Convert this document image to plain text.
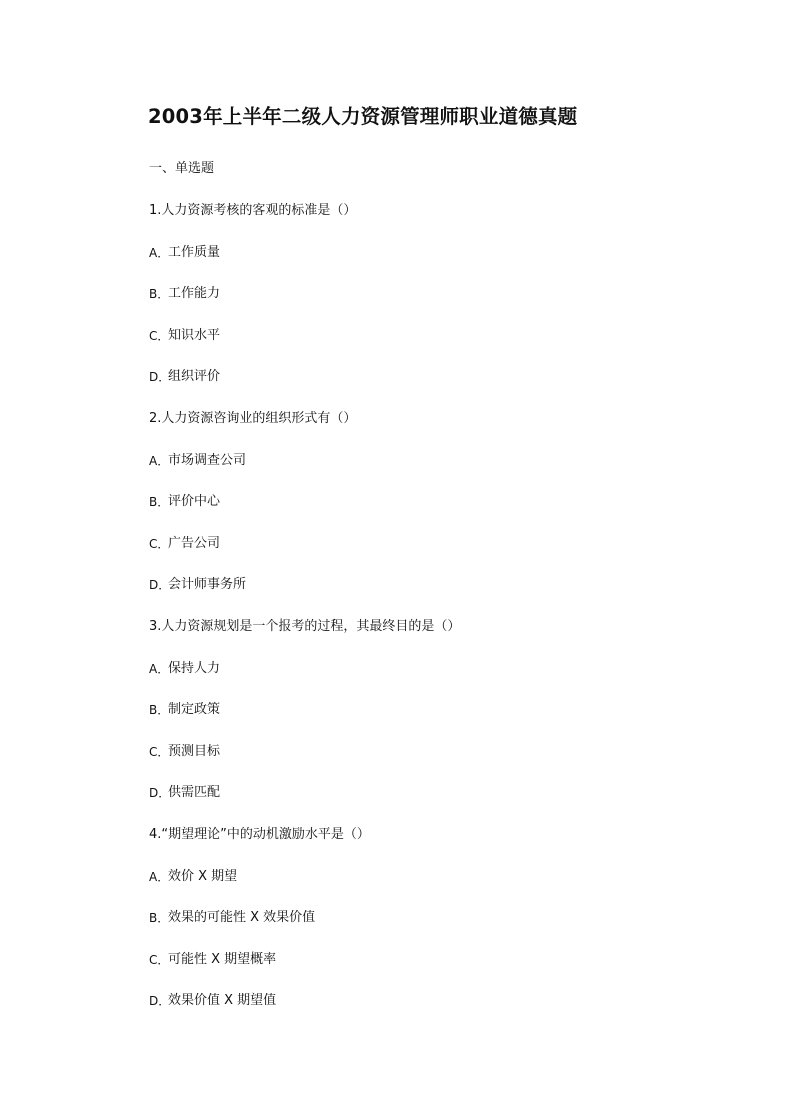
2003年上半年二级人力资源管理师职业道德真题
一、单选题
1.人力资源考核的客观的标准是（）
A．
工作质量
B．
工作能力
C．
知识水平
D．
组织评价
2.人力资源咨询业的组织形式有（）
A．
市场调查公司
B．
评价中心
C．
广告公司
D．
会计师事务所
3.人力资源规划是一个报考的过程，其最终目的是（）
A．
保持人力
B．
制定政策
C．
预测目标
D．
供需匹配
4.“期望理论”中的动机激励水平是（）
A．
效价 X 期望
B．
效果的可能性 X 效果价值
C．
可能性 X 期望概率
D．
效果价值 X 期望值
